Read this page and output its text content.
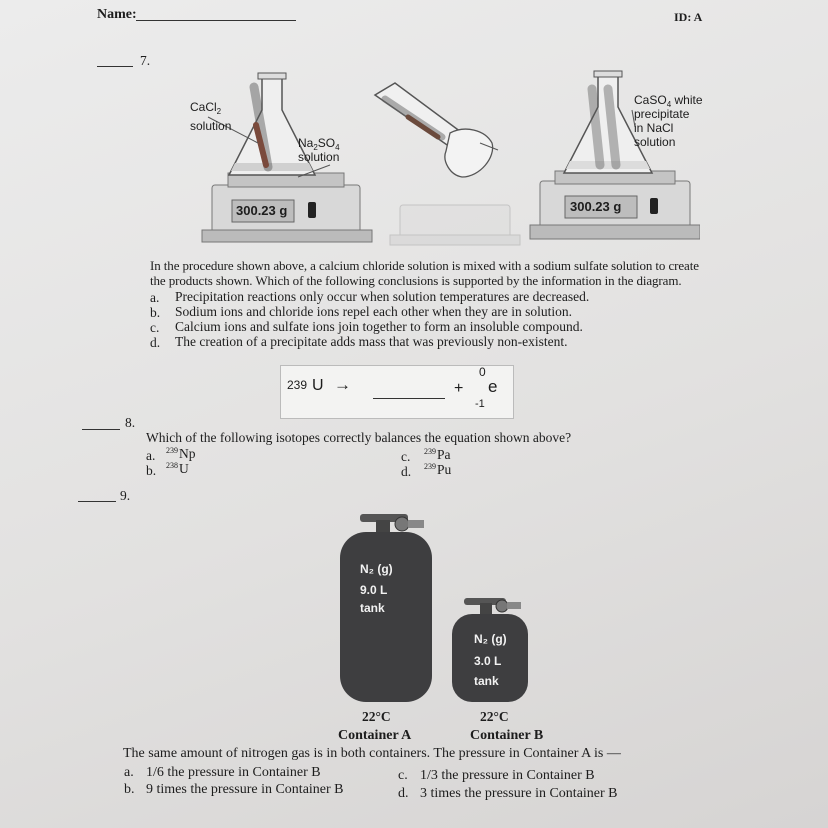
Name:	ID: A
7.
CaCl$_2$
solution
$Na_2SO_4$
solution
CaSO$_4$ white
precipitate
in NaCl
solution
300.23 g	300.23 g
In the procedure shown above, a calcium chloride solution is mixed with a sodium sulfate solution to create
the products shown. Which of the following conclusions is supported by the information in the diagram.
a. Precipitation reactions only occur when solution temperatures are decreased.
b. Sodium ions and chloride ions repel each other when they are in solution.
c. Calcium ions and sulfate ions join together to form an insoluble compound.
d. The creation of a precipitate adds mass that was previously non-existent.
8.
239 U →	+
0
e
-1
Which of the following isotopes correctly balances the equation shown above?
a. $^{239}$Np
b. $^{238}$U
c. $^{239}$Pa
d. $^{239}$Pu
9.
N₂ (g)
9.0 L
tank
N₂ (g)
3.0 L
tank
22°C	22°C
Container A	Container B
The same amount of nitrogen gas is in both containers. The pressure in Container A is —
a. 1/6 the pressure in Container B
b. 9 times the pressure in Container B
c. 1/3 the pressure in Container B
d. 3 times the pressure in Container B
